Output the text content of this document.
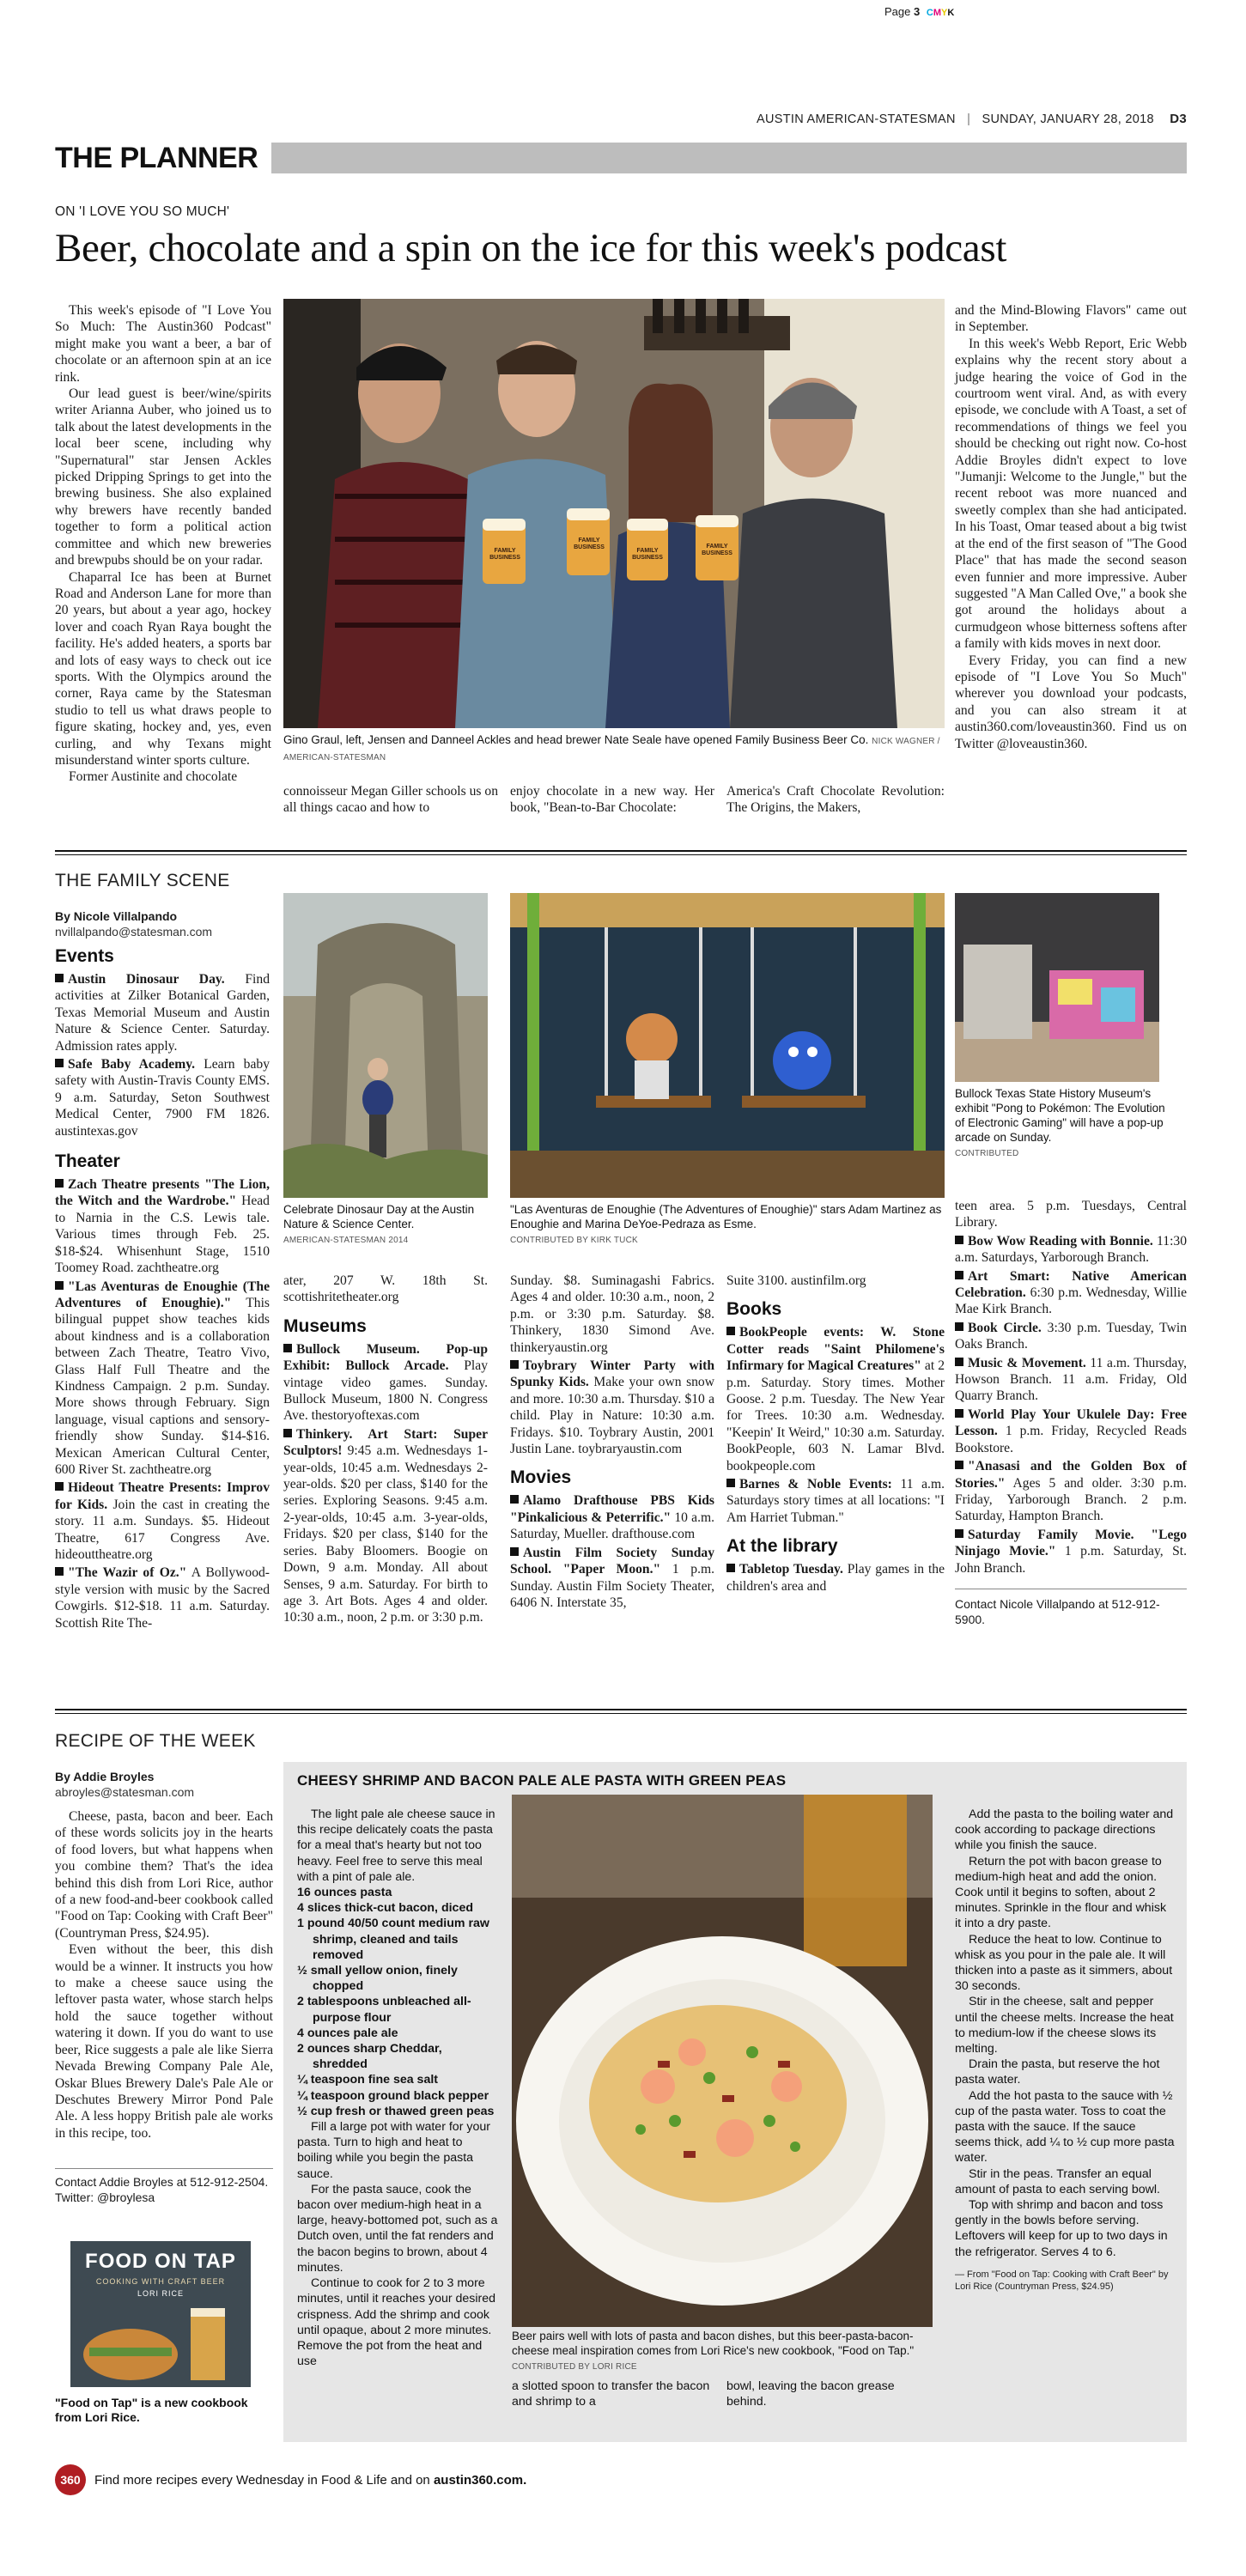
Page 3 CMYK
AUSTIN AMERICAN-STATESMAN | SUNDAY, JANUARY 28, 2018 D3
THE PLANNER
ON 'I LOVE YOU SO MUCH'
Beer, chocolate and a spin on the ice for this week's podcast

This week's episode of "I Love You So Much: The Austin360 Podcast" might make you want a beer, a bar of chocolate or an afternoon spin at an ice rink.

Our lead guest is beer/wine/spirits writer Arianna Auber, who joined us to talk about the latest developments in the local beer scene, including why "Supernatural" star Jensen Ackles picked Dripping Springs to get into the brewing business. She also explained why brewers have recently banded together to form a political action committee and which new breweries and brewpubs should be on your radar.

Chaparral Ice has been at Burnet Road and Anderson Lane for more than 20 years, but about a year ago, hockey lover and coach Ryan Raya bought the facility. He's added heaters, a sports bar and lots of easy ways to check out ice sports. With the Olympics around the corner, Raya came by the Statesman studio to tell us what draws people to figure skating, hockey and, yes, even curling, and why Texans might misunderstand winter sports culture.

Former Austinite and chocolate

FAMILY BUSINESS
FAMILY BUSINESS
FAMILY BUSINESS
FAMILY BUSINESS
Gino Graul, left, Jensen and Danneel Ackles and head brewer Nate Seale have opened Family Business Beer Co. NICK WAGNER / AMERICAN-STATESMAN

connoisseur Megan Giller schools us on all things cacao and how to

enjoy chocolate in a new way. Her book, "Bean-to-Bar Chocolate:

America's Craft Chocolate Revolution: The Origins, the Makers,

and the Mind-Blowing Flavors" came out in September.

In this week's Webb Report, Eric Webb explains why the recent story about a judge hearing the voice of God in the courtroom went viral. And, as with every episode, we conclude with A Toast, a set of recommendations of things we feel you should be checking out right now. Co-host Addie Broyles didn't expect to love "Jumanji: Welcome to the Jungle," but the recent reboot was more nuanced and sweetly complex than she had anticipated. In his Toast, Omar teased about a big twist at the end of the first season of "The Good Place" that has made the second season even funnier and more impressive. Auber suggested "A Man Called Ove," a book she got around the holidays about a curmudgeon whose bitterness softens after a family with kids moves in next door.

Every Friday, you can find a new episode of "I Love You So Much" wherever you download your podcasts, and you can also stream it at austin360.com/loveaustin360. Find us on Twitter @loveaustin360.

THE FAMILY SCENE
By Nicole Villalpando
nvillalpando@statesman.com
Events
Austin Dinosaur Day. Find activities at Zilker Botanical Garden, Texas Memorial Museum and Austin Nature & Science Center. Saturday. Admission rates apply.
Safe Baby Academy. Learn baby safety with Austin-Travis County EMS. 9 a.m. Saturday, Seton Southwest Medical Center, 7900 FM 1826. austintexas.gov
Theater
Zach Theatre presents "The Lion, the Witch and the Wardrobe." Head to Narnia in the C.S. Lewis tale. Various times through Feb. 25. $18-$24. Whisenhunt Stage, 1510 Toomey Road. zachtheatre.org
"Las Aventuras de Enoughie (The Adventures of Enoughie)." This bilingual puppet show teaches kids about kindness and is a collaboration between Zach Theatre, Teatro Vivo, Glass Half Full Theatre and the Kindness Campaign. 2 p.m. Sunday. More shows through February. Sign language, visual captions and sensory-friendly show Sunday. $14-$16. Mexican American Cultural Center, 600 River St. zachtheatre.org
Hideout Theatre Presents: Improv for Kids. Join the cast in creating the story. 11 a.m. Sundays. $5. Hideout Theatre, 617 Congress Ave. hideouttheatre.org
"The Wazir of Oz." A Bollywood-style version with music by the Sacred Cowgirls. $12-$18. 11 a.m. Saturday. Scottish Rite The-
Celebrate Dinosaur Day at the Austin Nature & Science Center.
AMERICAN-STATESMAN 2014
"Las Aventuras de Enoughie (The Adventures of Enoughie)" stars Adam Martinez as Enoughie and Marina DeYoe-Pedraza as Esme.
CONTRIBUTED BY KIRK TUCK
Bullock Texas State History Museum's exhibit "Pong to Pokémon: The Evolution of Electronic Gaming" will have a pop-up arcade on Sunday.
CONTRIBUTED
ater, 207 W. 18th St. scottishritetheater.org
Museums
Bullock Museum. Pop-up Exhibit: Bullock Arcade. Play vintage video games. Sunday. Bullock Museum, 1800 N. Congress Ave. thestoryoftexas.com
Thinkery. Art Start: Super Sculptors! 9:45 a.m. Wednesdays 1-year-olds, 10:45 a.m. Wednesdays 2-year-olds. $20 per class, $140 for the series. Exploring Seasons. 9:45 a.m. 2-year-olds, 10:45 a.m. 3-year-olds, Fridays. $20 per class, $140 for the series. Baby Bloomers. Boogie on Down, 9 a.m. Monday. All about Senses, 9 a.m. Saturday. For birth to age 3. Art Bots. Ages 4 and older. 10:30 a.m., noon, 2 p.m. or 3:30 p.m.
Sunday. $8. Suminagashi Fabrics. Ages 4 and older. 10:30 a.m., noon, 2 p.m. or 3:30 p.m. Saturday. $8. Thinkery, 1830 Simond Ave. thinkeryaustin.org
Toybrary Winter Party with Spunky Kids. Make your own snow and more. 10:30 a.m. Thursday. $10 a child. Play in Nature: 10:30 a.m. Fridays. $10. Toybrary Austin, 2001 Justin Lane. toybraryaustin.com
Movies
Alamo Drafthouse PBS Kids "Pinkalicious & Peterrific." 10 a.m. Saturday, Mueller. drafthouse.com
Austin Film Society Sunday School. "Paper Moon." 1 p.m. Sunday. Austin Film Society Theater, 6406 N. Interstate 35,
Suite 3100. austinfilm.org
Books
BookPeople events: W. Stone Cotter reads "Saint Philomene's Infirmary for Magical Creatures" at 2 p.m. Saturday. Story times. Mother Goose. 2 p.m. Tuesday. The New Year for Trees. 10:30 a.m. Wednesday. "Keepin' It Weird," 10:30 a.m. Saturday. BookPeople, 603 N. Lamar Blvd. bookpeople.com
Barnes & Noble Events: 11 a.m. Saturdays story times at all locations: "I Am Harriet Tubman."
At the library
Tabletop Tuesday. Play games in the children's area and
teen area. 5 p.m. Tuesdays, Central Library.
Bow Wow Reading with Bonnie. 11:30 a.m. Saturdays, Yarborough Branch.
Art Smart: Native American Celebration. 6:30 p.m. Wednesday, Willie Mae Kirk Branch.
Book Circle. 3:30 p.m. Tuesday, Twin Oaks Branch.
Music & Movement. 11 a.m. Thursday, Howson Branch. 11 a.m. Friday, Old Quarry Branch.
World Play Your Ukulele Day: Free Lesson. 1 p.m. Friday, Recycled Reads Bookstore.
"Anasasi and the Golden Box of Stories." Ages 5 and older. 3:30 p.m. Friday, Yarborough Branch. 2 p.m. Saturday, Hampton Branch.
Saturday Family Movie. "Lego Ninjago Movie." 1 p.m. Saturday, St. John Branch.
Contact Nicole Villalpando at 512-912-5900.
RECIPE OF THE WEEK
By Addie Broyles
abroyles@statesman.com

Cheese, pasta, bacon and beer. Each of these words solicits joy in the hearts of food lovers, but what happens when you combine them? That's the idea behind this dish from Lori Rice, author of a new food-and-beer cookbook called "Food on Tap: Cooking with Craft Beer" (Countryman Press, $24.95).

Even without the beer, this dish would be a winner. It instructs you how to make a cheese sauce using the leftover pasta water, whose starch helps hold the sauce together without watering it down. If you do want to use beer, Rice suggests a pale ale like Sierra Nevada Brewing Company Pale Ale, Oskar Blues Brewery Dale's Pale Ale or Deschutes Brewery Mirror Pond Pale Ale. A less hoppy British pale ale works in this recipe, too.

Contact Addie Broyles at 512-912-2504. Twitter: @broylesa
FOOD ON TAP
COOKING WITH CRAFT BEER
LORI RICE
"Food on Tap" is a new cookbook from Lori Rice.
CHEESY SHRIMP AND BACON PALE ALE PASTA WITH GREEN PEAS

The light pale ale cheese sauce in this recipe delicately coats the pasta for a meal that's hearty but not too heavy. Feel free to serve this meal with a pint of pale ale.

16 ounces pasta
4 slices thick-cut bacon, diced
1 pound 40/50 count medium raw shrimp, cleaned and tails removed
½ small yellow onion, finely chopped
2 tablespoons unbleached all-purpose flour
4 ounces pale ale
2 ounces sharp Cheddar, shredded
¼ teaspoon fine sea salt
¼ teaspoon ground black pepper
½ cup fresh or thawed green peas

Fill a large pot with water for your pasta. Turn to high and heat to boiling while you begin the pasta sauce.

For the pasta sauce, cook the bacon over medium-high heat in a large, heavy-bottomed pot, such as a Dutch oven, until the fat renders and the bacon begins to brown, about 4 minutes.

Continue to cook for 2 to 3 more minutes, until it reaches your desired crispness. Add the shrimp and cook until opaque, about 2 more minutes. Remove the pot from the heat and use

Beer pairs well with lots of pasta and bacon dishes, but this beer-pasta-bacon-cheese meal inspiration comes from Lori Rice's new cookbook, "Food on Tap." CONTRIBUTED BY LORI RICE
a slotted spoon to transfer the bacon and shrimp to a
bowl, leaving the bacon grease behind.

Add the pasta to the boiling water and cook according to package directions while you finish the sauce.

Return the pot with bacon grease to medium-high heat and add the onion. Cook until it begins to soften, about 2 minutes. Sprinkle in the flour and whisk it into a dry paste.

Reduce the heat to low. Continue to whisk as you pour in the pale ale. It will thicken into a paste as it simmers, about 30 seconds.

Stir in the cheese, salt and pepper until the cheese melts. Increase the heat to medium-low if the cheese slows its melting.

Drain the pasta, but reserve the hot pasta water.

Add the hot pasta to the sauce with ½ cup of the pasta water. Toss to coat the pasta with the sauce. If the sauce seems thick, add ¼ to ½ cup more pasta water.

Stir in the peas. Transfer an equal amount of pasta to each serving bowl.

Top with shrimp and bacon and toss gently in the bowls before serving. Leftovers will keep for up to two days in the refrigerator. Serves 4 to 6.

— From "Food on Tap: Cooking with Craft Beer" by Lori Rice (Countryman Press, $24.95)
360	Find more recipes every Wednesday in Food & Life and on austin360.com.
